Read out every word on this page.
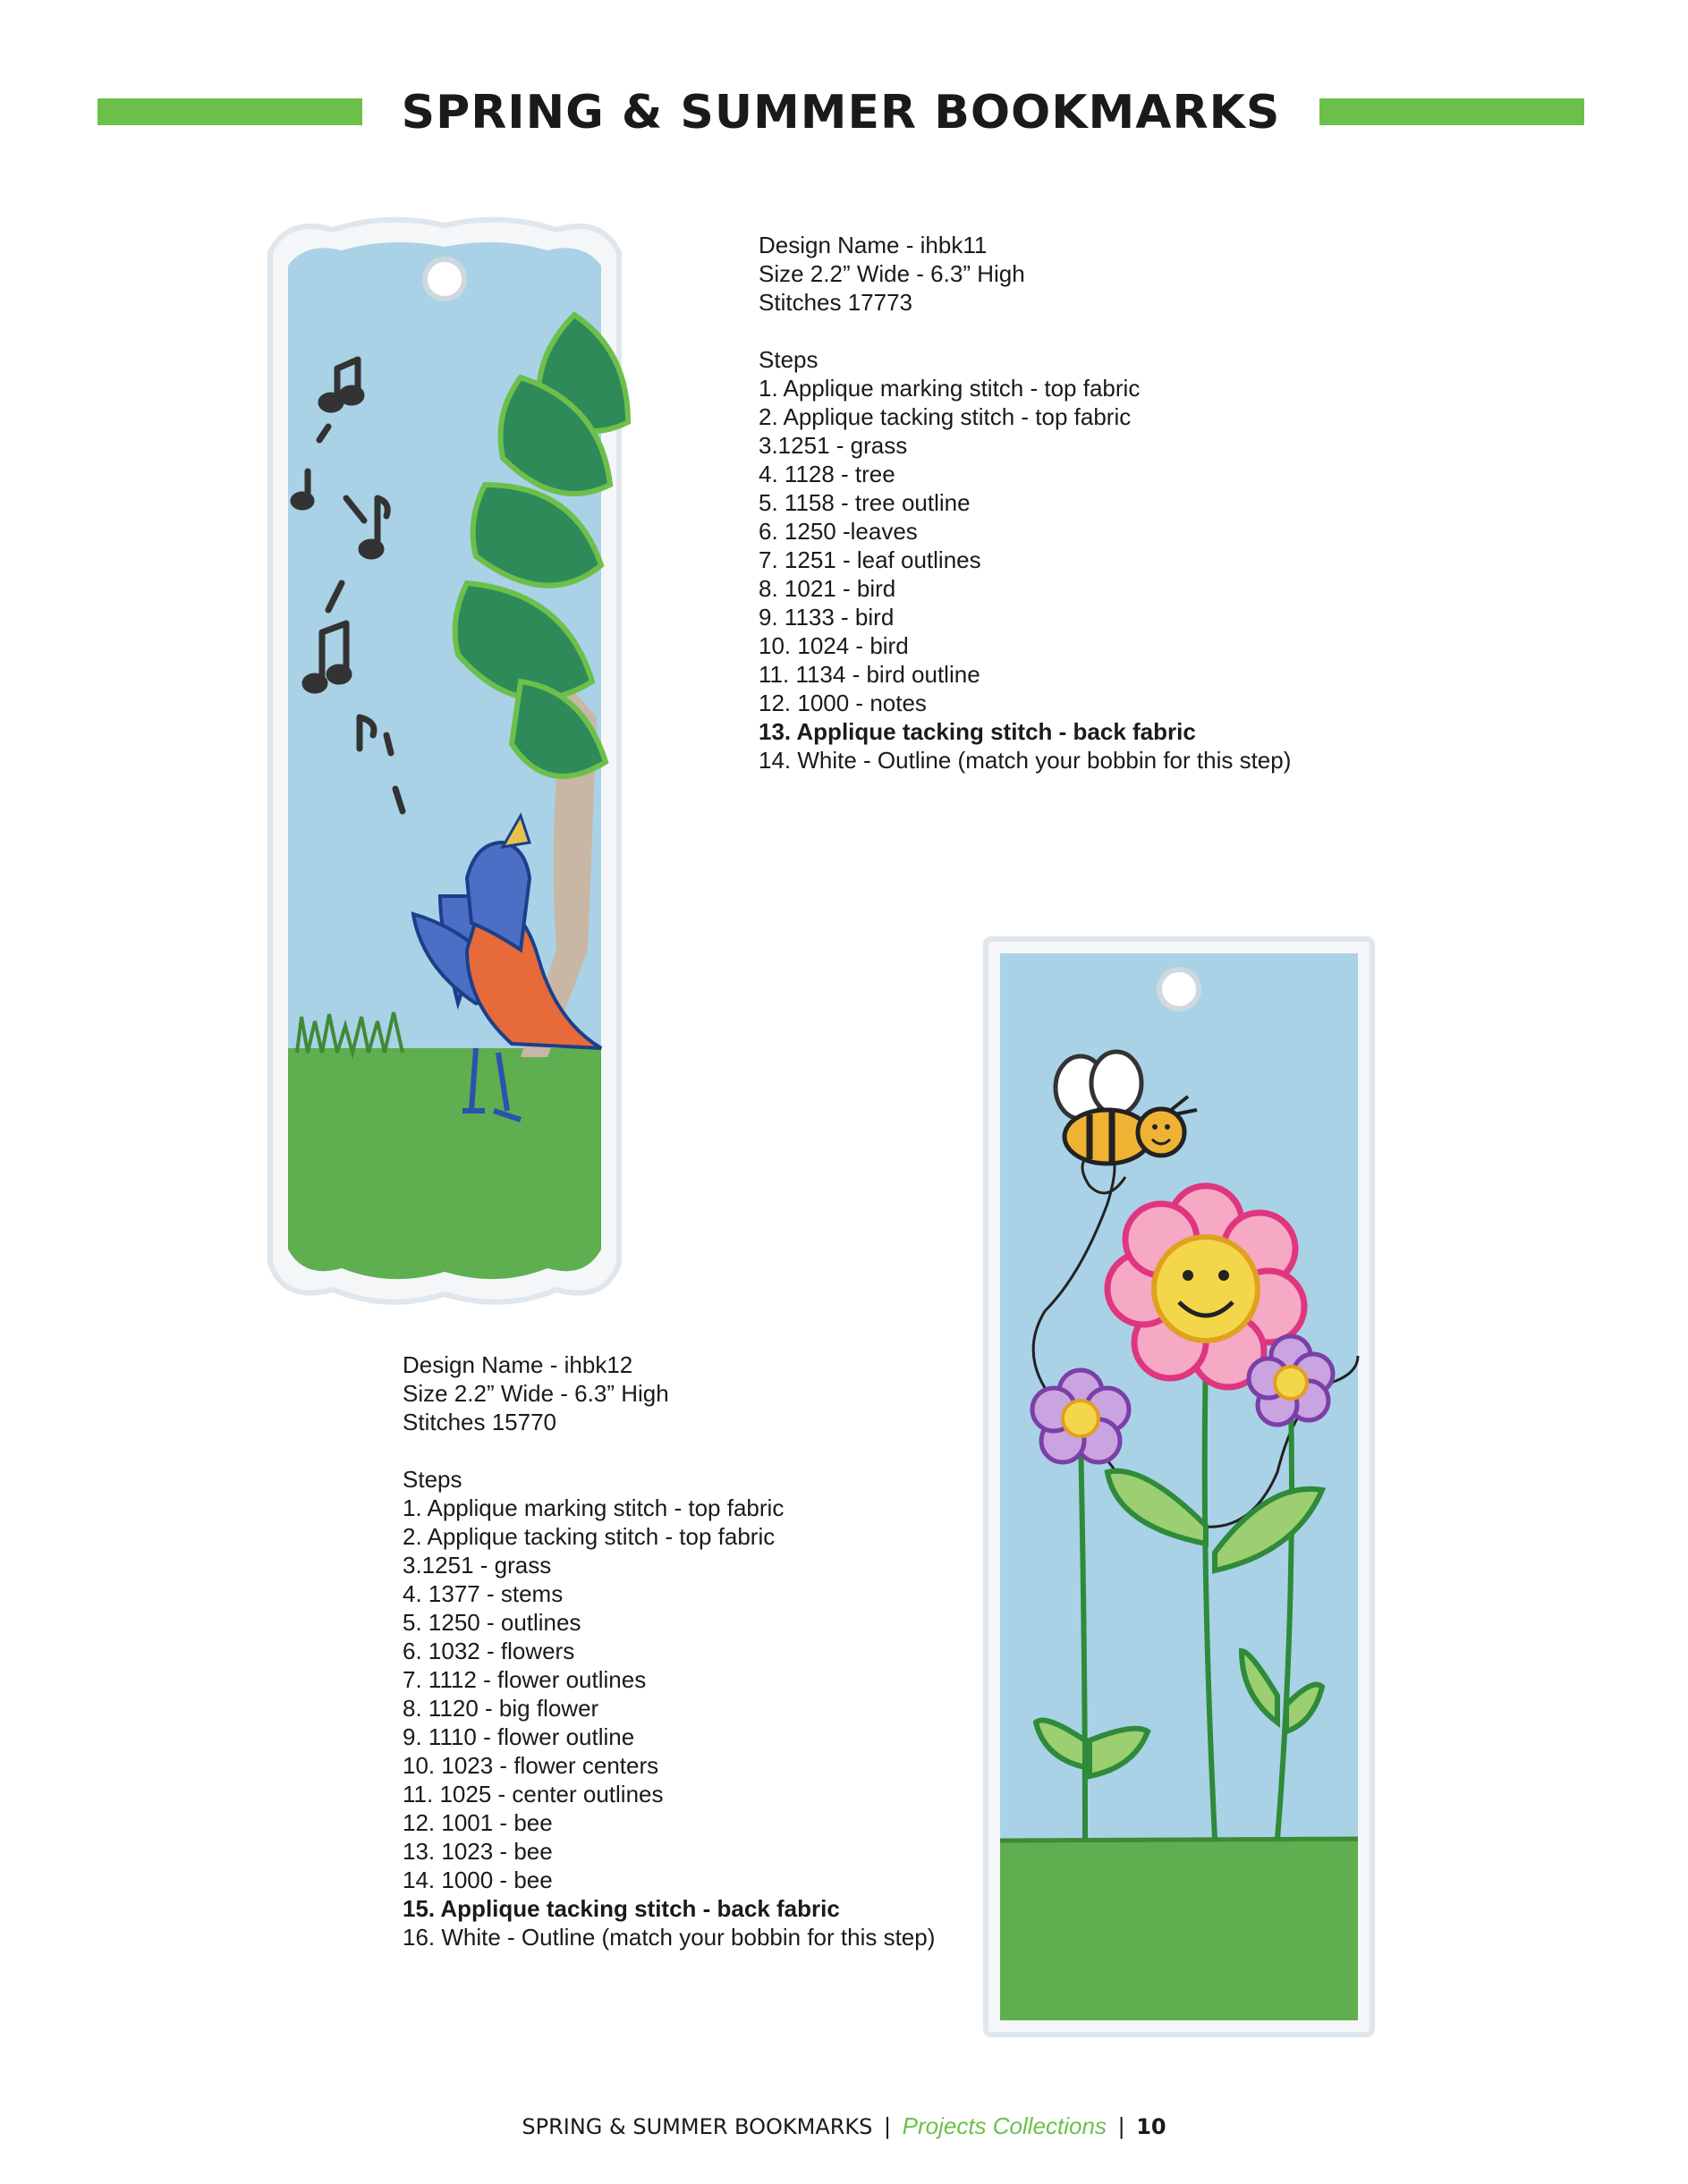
SPRING & SUMMER BOOKMARKS
Design Name - ihbk11
Size 2.2” Wide - 6.3” High
Stitches 17773
Steps
1. Applique marking stitch - top fabric
2. Applique tacking stitch - top fabric
3.1251 - grass
4. 1128 - tree
5. 1158 - tree outline
6. 1250 -leaves
7. 1251 - leaf outlines
8. 1021 - bird
9. 1133 - bird
10. 1024 - bird
11. 1134 - bird outline
12. 1000 - notes
13. Applique tacking stitch - back fabric
14. White - Outline (match your bobbin for this step)
Design Name - ihbk12
Size 2.2” Wide - 6.3” High
Stitches 15770
Steps
1. Applique marking stitch - top fabric
2. Applique tacking stitch - top fabric
3.1251 - grass
4. 1377 - stems
5. 1250 - outlines
6. 1032 - flowers
7. 1112 - flower outlines
8. 1120 - big flower
9. 1110 - flower outline
10. 1023 - flower centers
11. 1025 - center outlines
12. 1001 - bee
13. 1023 - bee
14. 1000 - bee
15. Applique tacking stitch - back fabric
16. White - Outline (match your bobbin for this step)
SPRING & SUMMER BOOKMARKS | Projects Collections | 10
